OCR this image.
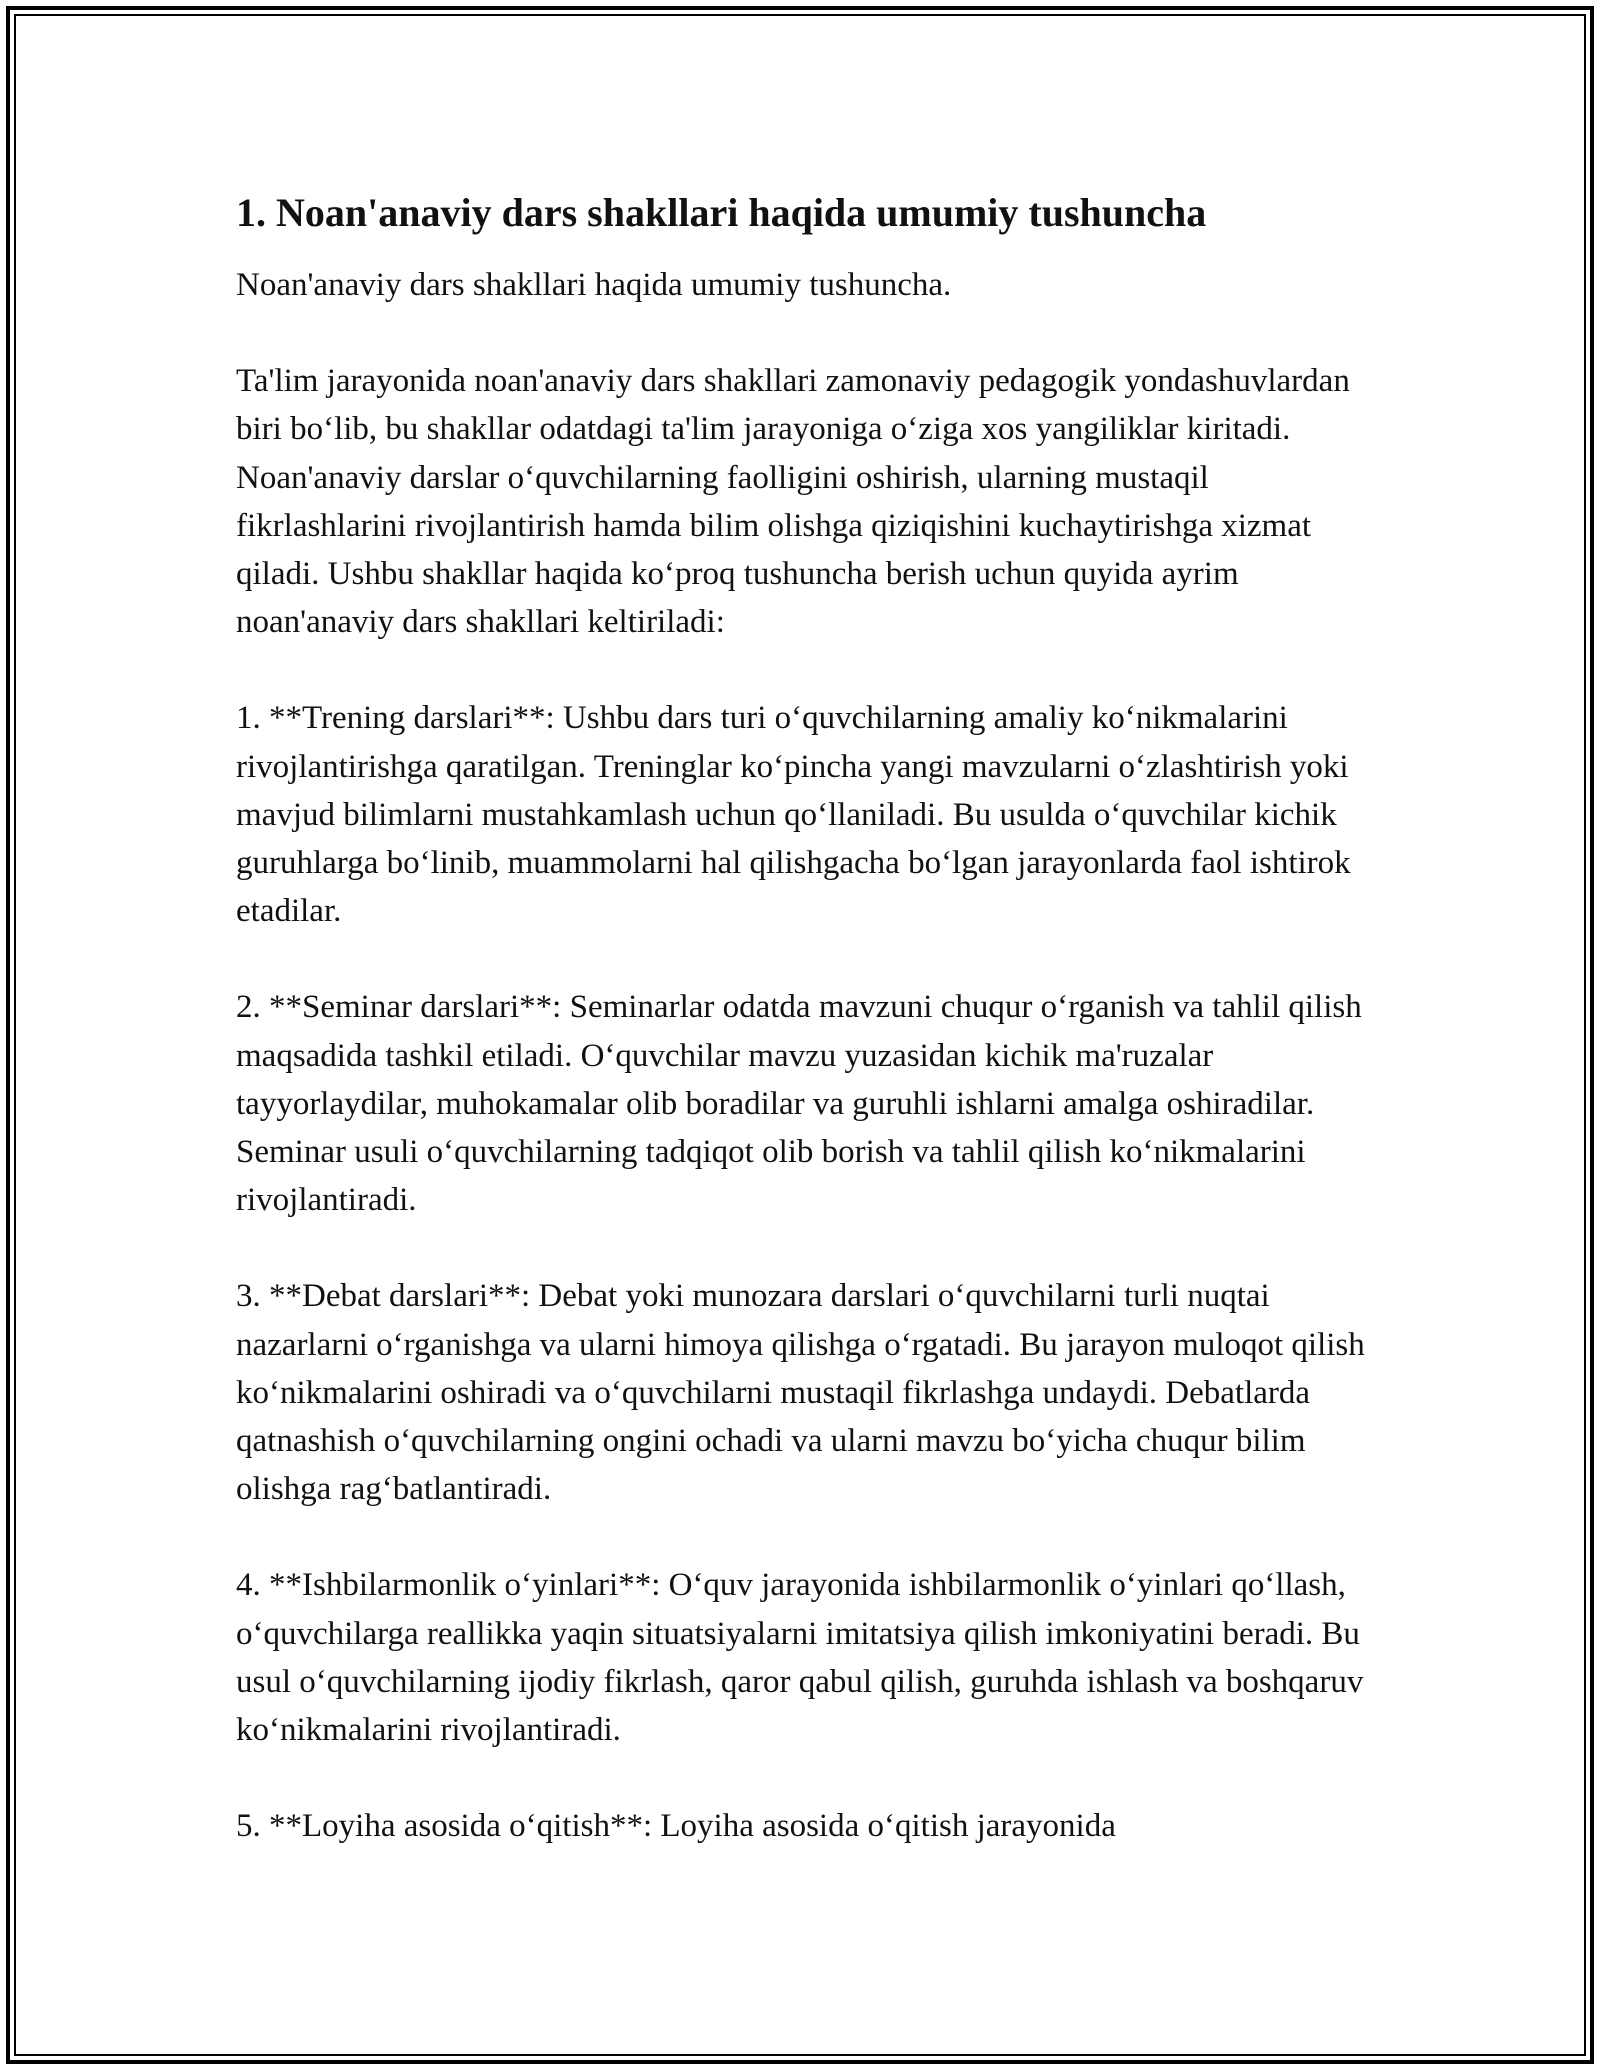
1. Noan'anaviy dars shakllari haqida umumiy tushuncha

Noan'anaviy dars shakllari haqida umumiy tushuncha.

Ta'lim jarayonida noan'anaviy dars shakllari zamonaviy pedagogik yondashuvlardan biri bo‘lib, bu shakllar odatdagi ta'lim jarayoniga o‘ziga xos yangiliklar kiritadi. Noan'anaviy darslar o‘quvchilarning faolligini oshirish, ularning mustaqil fikrlashlarini rivojlantirish hamda bilim olishga qiziqishini kuchaytirishga xizmat qiladi. Ushbu shakllar haqida ko‘proq tushuncha berish uchun quyida ayrim noan'anaviy dars shakllari keltiriladi:

1. **Trening darslari**: Ushbu dars turi o‘quvchilarning amaliy ko‘nikmalarini rivojlantirishga qaratilgan. Treninglar ko‘pincha yangi mavzularni o‘zlashtirish yoki mavjud bilimlarni mustahkamlash uchun qo‘llaniladi. Bu usulda o‘quvchilar kichik guruhlarga bo‘linib, muammolarni hal qilishgacha bo‘lgan jarayonlarda faol ishtirok etadilar.

2. **Seminar darslari**: Seminarlar odatda mavzuni chuqur o‘rganish va tahlil qilish maqsadida tashkil etiladi. O‘quvchilar mavzu yuzasidan kichik ma'ruzalar tayyorlaydilar, muhokamalar olib boradilar va guruhli ishlarni amalga oshiradilar. Seminar usuli o‘quvchilarning tadqiqot olib borish va tahlil qilish ko‘nikmalarini rivojlantiradi.

3. **Debat darslari**: Debat yoki munozara darslari o‘quvchilarni turli nuqtai nazarlarni o‘rganishga va ularni himoya qilishga o‘rgatadi. Bu jarayon muloqot qilish ko‘nikmalarini oshiradi va o‘quvchilarni mustaqil fikrlashga undaydi. Debatlarda qatnashish o‘quvchilarning ongini ochadi va ularni mavzu bo‘yicha chuqur bilim olishga rag‘batlantiradi.

4. **Ishbilarmonlik o‘yinlari**: O‘quv jarayonida ishbilarmonlik o‘yinlari qo‘llash, o‘quvchilarga reallikka yaqin situatsiyalarni imitatsiya qilish imkoniyatini beradi. Bu usul o‘quvchilarning ijodiy fikrlash, qaror qabul qilish, guruhda ishlash va boshqaruv ko‘nikmalarini rivojlantiradi.

5. **Loyiha asosida o‘qitish**: Loyiha asosida o‘qitish jarayonida
